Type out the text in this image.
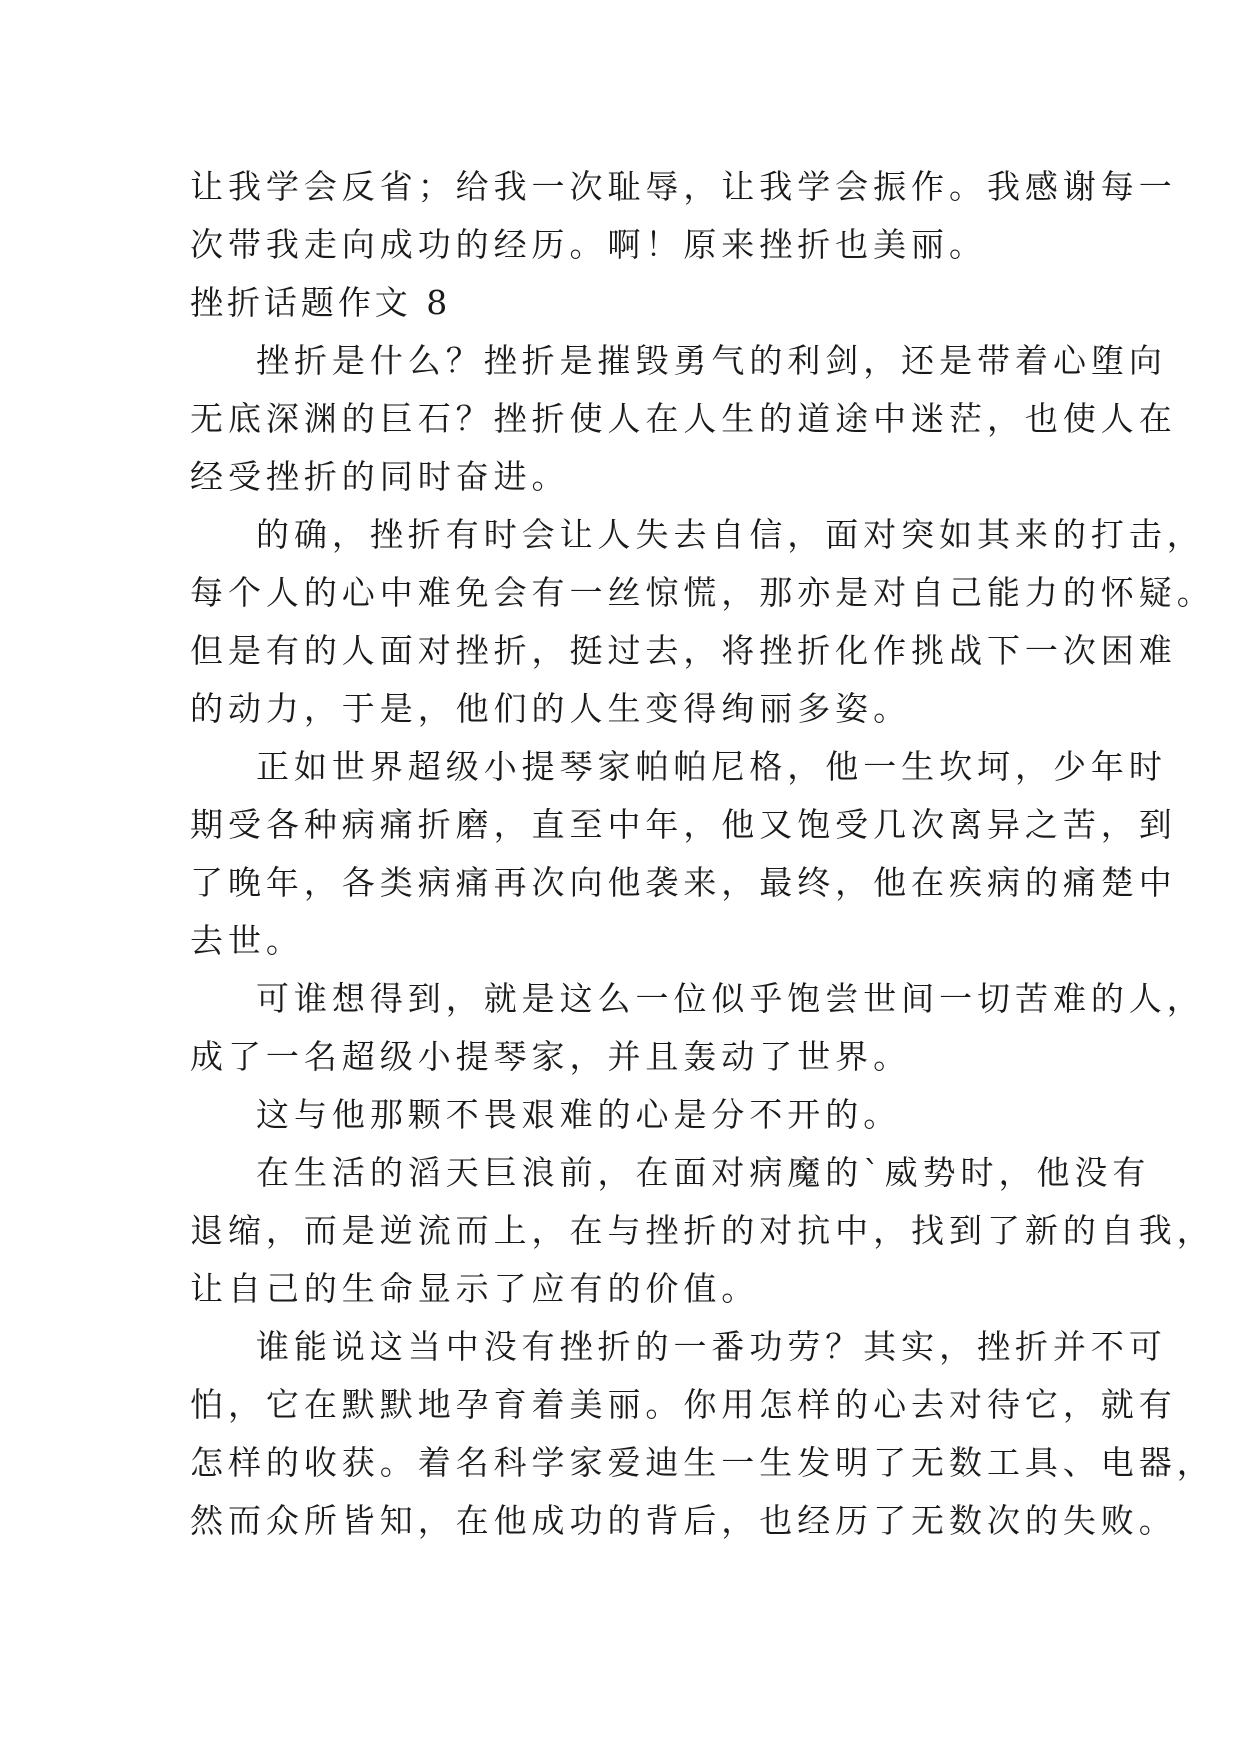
让我学会反省；给我一次耻辱，让我学会振作。我感谢每一
次带我走向成功的经历。啊！原来挫折也美丽。
挫折话题作文 8
挫折是什么？挫折是摧毁勇气的利剑，还是带着心堕向
无底深渊的巨石？挫折使人在人生的道途中迷茫，也使人在
经受挫折的同时奋进。
的确，挫折有时会让人失去自信，面对突如其来的打击，
每个人的心中难免会有一丝惊慌，那亦是对自己能力的怀疑。
但是有的人面对挫折，挺过去，将挫折化作挑战下一次困难
的动力，于是，他们的人生变得绚丽多姿。
正如世界超级小提琴家帕帕尼格，他一生坎坷，少年时
期受各种病痛折磨，直至中年，他又饱受几次离异之苦，到
了晚年，各类病痛再次向他袭来，最终，他在疾病的痛楚中
去世。
可谁想得到，就是这么一位似乎饱尝世间一切苦难的人，
成了一名超级小提琴家，并且轰动了世界。
这与他那颗不畏艰难的心是分不开的。
在生活的滔天巨浪前，在面对病魔的`威势时，他没有
退缩，而是逆流而上，在与挫折的对抗中，找到了新的自我，
让自己的生命显示了应有的价值。
谁能说这当中没有挫折的一番功劳？其实，挫折并不可
怕，它在默默地孕育着美丽。你用怎样的心去对待它，就有
怎样的收获。着名科学家爱迪生一生发明了无数工具、电器，
然而众所皆知，在他成功的背后，也经历了无数次的失败。
